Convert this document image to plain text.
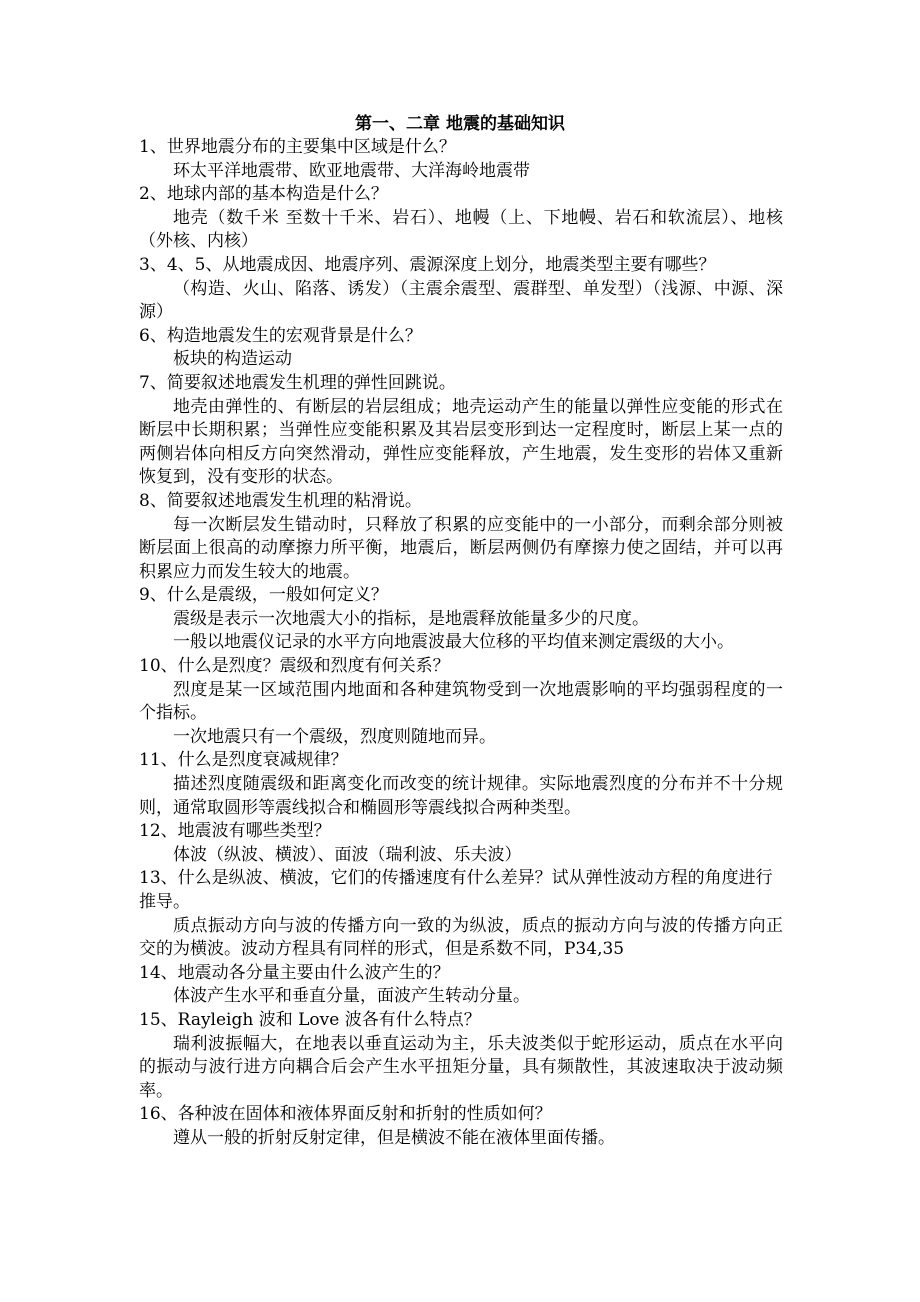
第一、二章 地震的基础知识

1、世界地震分布的主要集中区域是什么？

环太平洋地震带、欧亚地震带、大洋海岭地震带

2、地球内部的基本构造是什么？

地壳（数千米 至数十千米、岩石）、地幔（上、下地幔、岩石和软流层）、地核（外核、内核）

3、4、5、从地震成因、地震序列、震源深度上划分，地震类型主要有哪些？

（构造、火山、陷落、诱发）（主震余震型、震群型、单发型）（浅源、中源、深源）

6、构造地震发生的宏观背景是什么？

板块的构造运动

7、简要叙述地震发生机理的弹性回跳说。

地壳由弹性的、有断层的岩层组成；地壳运动产生的能量以弹性应变能的形式在断层中长期积累；当弹性应变能积累及其岩层变形到达一定程度时，断层上某一点的两侧岩体向相反方向突然滑动，弹性应变能释放，产生地震，发生变形的岩体又重新恢复到，没有变形的状态。

8、简要叙述地震发生机理的粘滑说。

每一次断层发生错动时，只释放了积累的应变能中的一小部分，而剩余部分则被断层面上很高的动摩擦力所平衡，地震后，断层两侧仍有摩擦力使之固结，并可以再积累应力而发生较大的地震。

9、什么是震级，一般如何定义？

震级是表示一次地震大小的指标，是地震释放能量多少的尺度。

一般以地震仪记录的水平方向地震波最大位移的平均值来测定震级的大小。

10、什么是烈度？震级和烈度有何关系？

烈度是某一区域范围内地面和各种建筑物受到一次地震影响的平均强弱程度的一个指标。

一次地震只有一个震级，烈度则随地而异。

11、什么是烈度衰减规律？

描述烈度随震级和距离变化而改变的统计规律。实际地震烈度的分布并不十分规则，通常取圆形等震线拟合和椭圆形等震线拟合两种类型。

12、地震波有哪些类型？

体波（纵波、横波）、面波（瑞利波、乐夫波）

13、什么是纵波、横波，它们的传播速度有什么差异？试从弹性波动方程的角度进行推导。

质点振动方向与波的传播方向一致的为纵波，质点的振动方向与波的传播方向正交的为横波。波动方程具有同样的形式，但是系数不同，P34,35

14、地震动各分量主要由什么波产生的？

体波产生水平和垂直分量，面波产生转动分量。

15、Rayleigh 波和 Love 波各有什么特点？

瑞利波振幅大，在地表以垂直运动为主，乐夫波类似于蛇形运动，质点在水平向的振动与波行进方向耦合后会产生水平扭矩分量，具有频散性，其波速取决于波动频率。

16、各种波在固体和液体界面反射和折射的性质如何？

遵从一般的折射反射定律，但是横波不能在液体里面传播。
